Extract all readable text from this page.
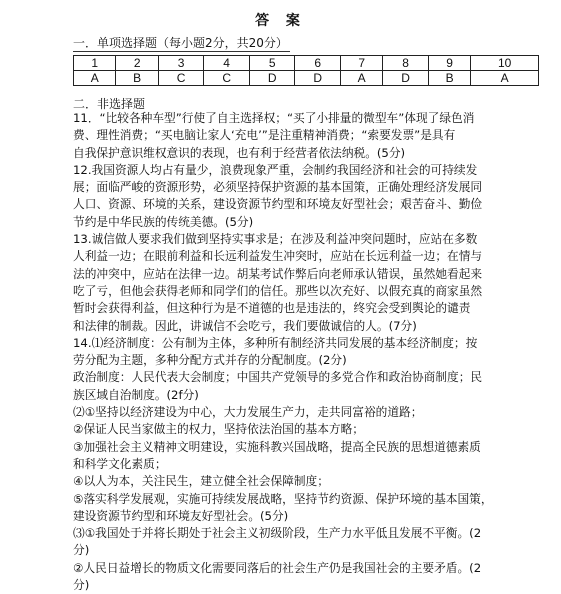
答 案
一．单项选择题（每小题2分，共20分）
1	2	3	4	5	6	7	8	9	10
A	B	C	C	D	D	A	D	B	A
二．非选择题

11．“比较各种车型”行使了自主选择权；“买了小排量的微型车”体现了绿色消

费、理性消费；“买电脑让家人‘充电’”是注重精神消费；“索要发票”是具有

自我保护意识维权意识的表现，也有利于经营者依法纳税。(5分)

12.我国资源人均占有量少，浪费现象严重，会制约我国经济和社会的可持续发

展；面临严峻的资源形势，必须坚持保护资源的基本国策，正确处理经济发展同

人口、资源、环境的关系，建设资源节约型和环境友好型社会；艰苦奋斗、勤俭

节约是中华民族的传统美德。(5分)

13.诚信做人要求我们做到坚持实事求是；在涉及利益冲突问题时，应站在多数

人利益一边；在眼前利益和长远利益发生冲突时，应站在长远利益一边；在情与

法的冲突中，应站在法律一边。胡某考试作弊后向老师承认错误，虽然她看起来

吃了亏，但他会获得老师和同学们的信任。那些以次充好、以假充真的商家虽然

暂时会获得利益，但这种行为是不道德的也是违法的，终究会受到舆论的谴责

和法律的制裁。因此，讲诚信不会吃亏，我们要做诚信的人。(7分)

14.⑴经济制度：公有制为主体，多种所有制经济共同发展的基本经济制度；按

劳分配为主题，多种分配方式并存的分配制度。(2分)

政治制度：人民代表大会制度；中国共产党领导的多党合作和政治协商制度；民

族区域自治制度。(2f分)

⑵①坚持以经济建设为中心，大力发展生产力，走共同富裕的道路；

②保证人民当家做主的权力，坚持依法治国的基本方略；

③加强社会主义精神文明建设，实施科教兴国战略，提高全民族的思想道德素质

和科学文化素质；

④以人为本，关注民生，建立健全社会保障制度；

⑤落实科学发展观，实施可持续发展战略，坚持节约资源、保护环境的基本国策，

建设资源节约型和环境友好型社会。(5分)

⑶①我国处于并将长期处于社会主义初级阶段，生产力水平低且发展不平衡。(2

分)

②人民日益增长的物质文化需要同落后的社会生产仍是我国社会的主要矛盾。(2

分)
